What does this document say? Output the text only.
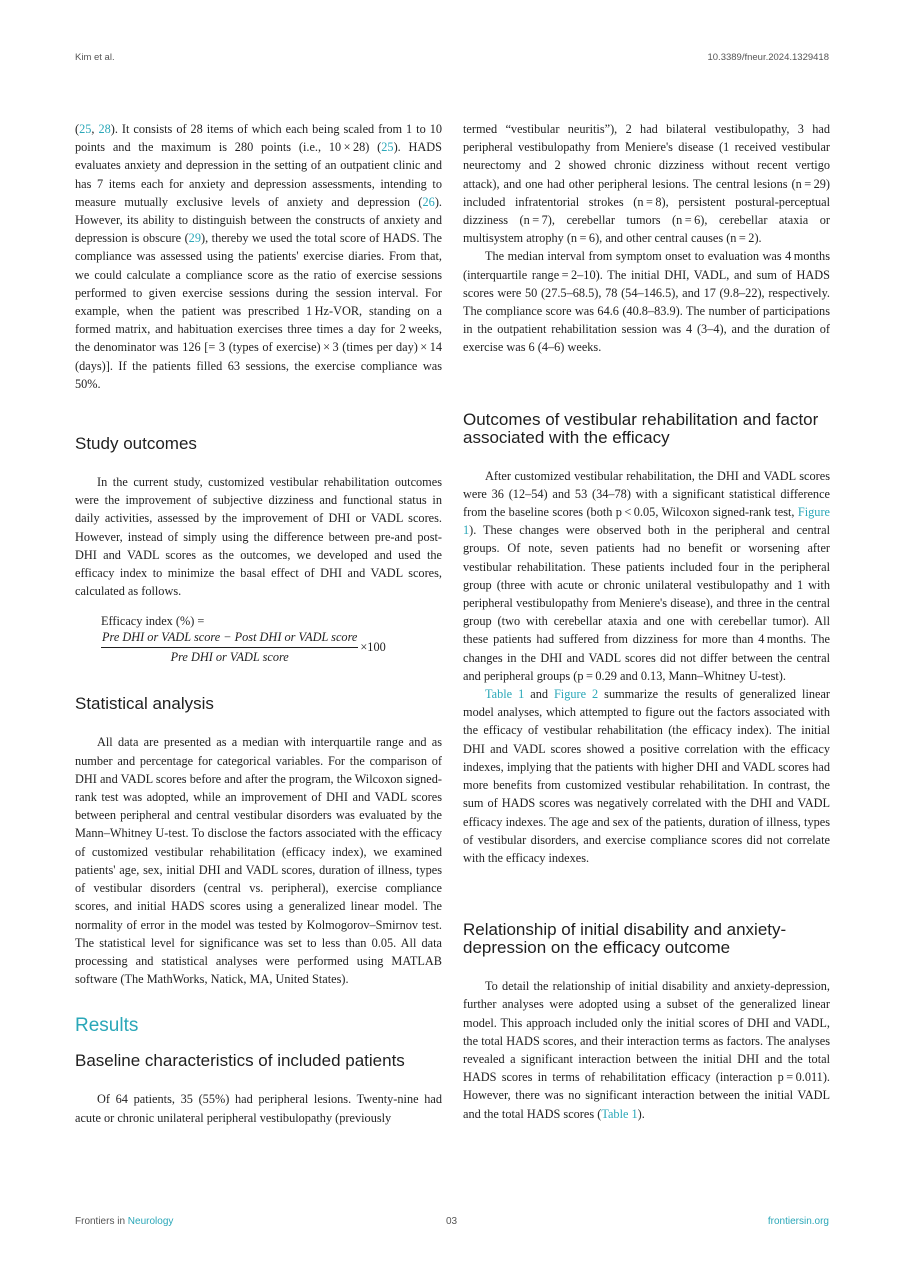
Kim et al.	10.3389/fneur.2024.1329418

(25, 28). It consists of 28 items of which each being scaled from 1 to 10 points and the maximum is 280 points (i.e., 10 × 28) (25). HADS evaluates anxiety and depression in the setting of an outpatient clinic and has 7 items each for anxiety and depression assessments, intending to measure mutually exclusive levels of anxiety and depression (26). However, its ability to distinguish between the constructs of anxiety and depression is obscure (29), thereby we used the total score of HADS. The compliance was assessed using the patients' exercise diaries. From that, we could calculate a compliance score as the ratio of exercise sessions performed to given exercise sessions during the session interval. For example, when the patient was prescribed 1 Hz-VOR, standing on a formed matrix, and habituation exercises three times a day for 2 weeks, the denominator was 126 [= 3 (types of exercise) × 3 (times per day) × 14 (days)]. If the patients filled 63 sessions, the exercise compliance was 50%.

Study outcomes

In the current study, customized vestibular rehabilitation outcomes were the improvement of subjective dizziness and functional status in daily activities, assessed by the improvement of DHI or VADL scores. However, instead of simply using the difference between pre-and post-DHI and VADL scores as the outcomes, we developed and used the efficacy index to minimize the basal effect of DHI and VADL scores, calculated as follows.

Efficacy index (%) =
$\frac{\text{Pre DHI or VADL score − Post DHI or VADL score}}{\text{Pre DHI or VADL score}} \times 100$
Statistical analysis

All data are presented as a median with interquartile range and as number and percentage for categorical variables. For the comparison of DHI and VADL scores before and after the program, the Wilcoxon signed-rank test was adopted, while an improvement of DHI and VADL scores between peripheral and central vestibular disorders was evaluated by the Mann–Whitney U-test. To disclose the factors associated with the efficacy of customized vestibular rehabilitation (efficacy index), we examined patients' age, sex, initial DHI and VADL scores, duration of illness, types of vestibular disorders (central vs. peripheral), exercise compliance scores, and initial HADS scores using a generalized linear model. The normality of error in the model was tested by Kolmogorov–Smirnov test. The statistical level for significance was set to less than 0.05. All data processing and statistical analyses were performed using MATLAB software (The MathWorks, Natick, MA, United States).

Results
Baseline characteristics of included patients

Of 64 patients, 35 (55%) had peripheral lesions. Twenty-nine had acute or chronic unilateral peripheral vestibulopathy (previously

termed “vestibular neuritis”), 2 had bilateral vestibulopathy, 3 had peripheral vestibulopathy from Meniere's disease (1 received vestibular neurectomy and 2 showed chronic dizziness without recent vertigo attack), and one had other peripheral lesions. The central lesions (n = 29) included infratentorial strokes (n = 8), persistent postural-perceptual dizziness (n = 7), cerebellar tumors (n = 6), cerebellar ataxia or multisystem atrophy (n = 6), and other central causes (n = 2).

The median interval from symptom onset to evaluation was 4 months (interquartile range = 2–10). The initial DHI, VADL, and sum of HADS scores were 50 (27.5–68.5), 78 (54–146.5), and 17 (9.8–22), respectively. The compliance score was 64.6 (40.8–83.9). The number of participations in the outpatient rehabilitation session was 4 (3–4), and the duration of exercise was 6 (4–6) weeks.

Outcomes of vestibular rehabilitation and factor associated with the efficacy

After customized vestibular rehabilitation, the DHI and VADL scores were 36 (12–54) and 53 (34–78) with a significant statistical difference from the baseline scores (both p < 0.05, Wilcoxon signed-rank test, Figure 1). These changes were observed both in the peripheral and central groups. Of note, seven patients had no benefit or worsening after vestibular rehabilitation. These patients included four in the peripheral group (three with acute or chronic unilateral vestibulopathy and 1 with peripheral vestibulopathy from Meniere's disease), and three in the central group (two with cerebellar ataxia and one with cerebellar tumor). All these patients had suffered from dizziness for more than 4 months. The changes in the DHI and VADL scores did not differ between the central and peripheral groups (p = 0.29 and 0.13, Mann–Whitney U-test).

Table 1 and Figure 2 summarize the results of generalized linear model analyses, which attempted to figure out the factors associated with the efficacy of vestibular rehabilitation (the efficacy index). The initial DHI and VADL scores showed a positive correlation with the efficacy indexes, implying that the patients with higher DHI and VADL scores had more benefits from customized vestibular rehabilitation. In contrast, the sum of HADS scores was negatively correlated with the DHI and VADL efficacy indexes. The age and sex of the patients, duration of illness, types of vestibular disorders, and exercise compliance scores did not correlate with the efficacy indexes.

Relationship of initial disability and anxiety-depression on the efficacy outcome

To detail the relationship of initial disability and anxiety-depression, further analyses were adopted using a subset of the generalized linear model. This approach included only the initial scores of DHI and VADL, the total HADS scores, and their interaction terms as factors. The analyses revealed a significant interaction between the initial DHI and the total HADS scores in terms of rehabilitation efficacy (interaction p = 0.011). However, there was no significant interaction between the initial VADL and the total HADS scores (Table 1).

Frontiers in Neurology	03	frontiersin.org
